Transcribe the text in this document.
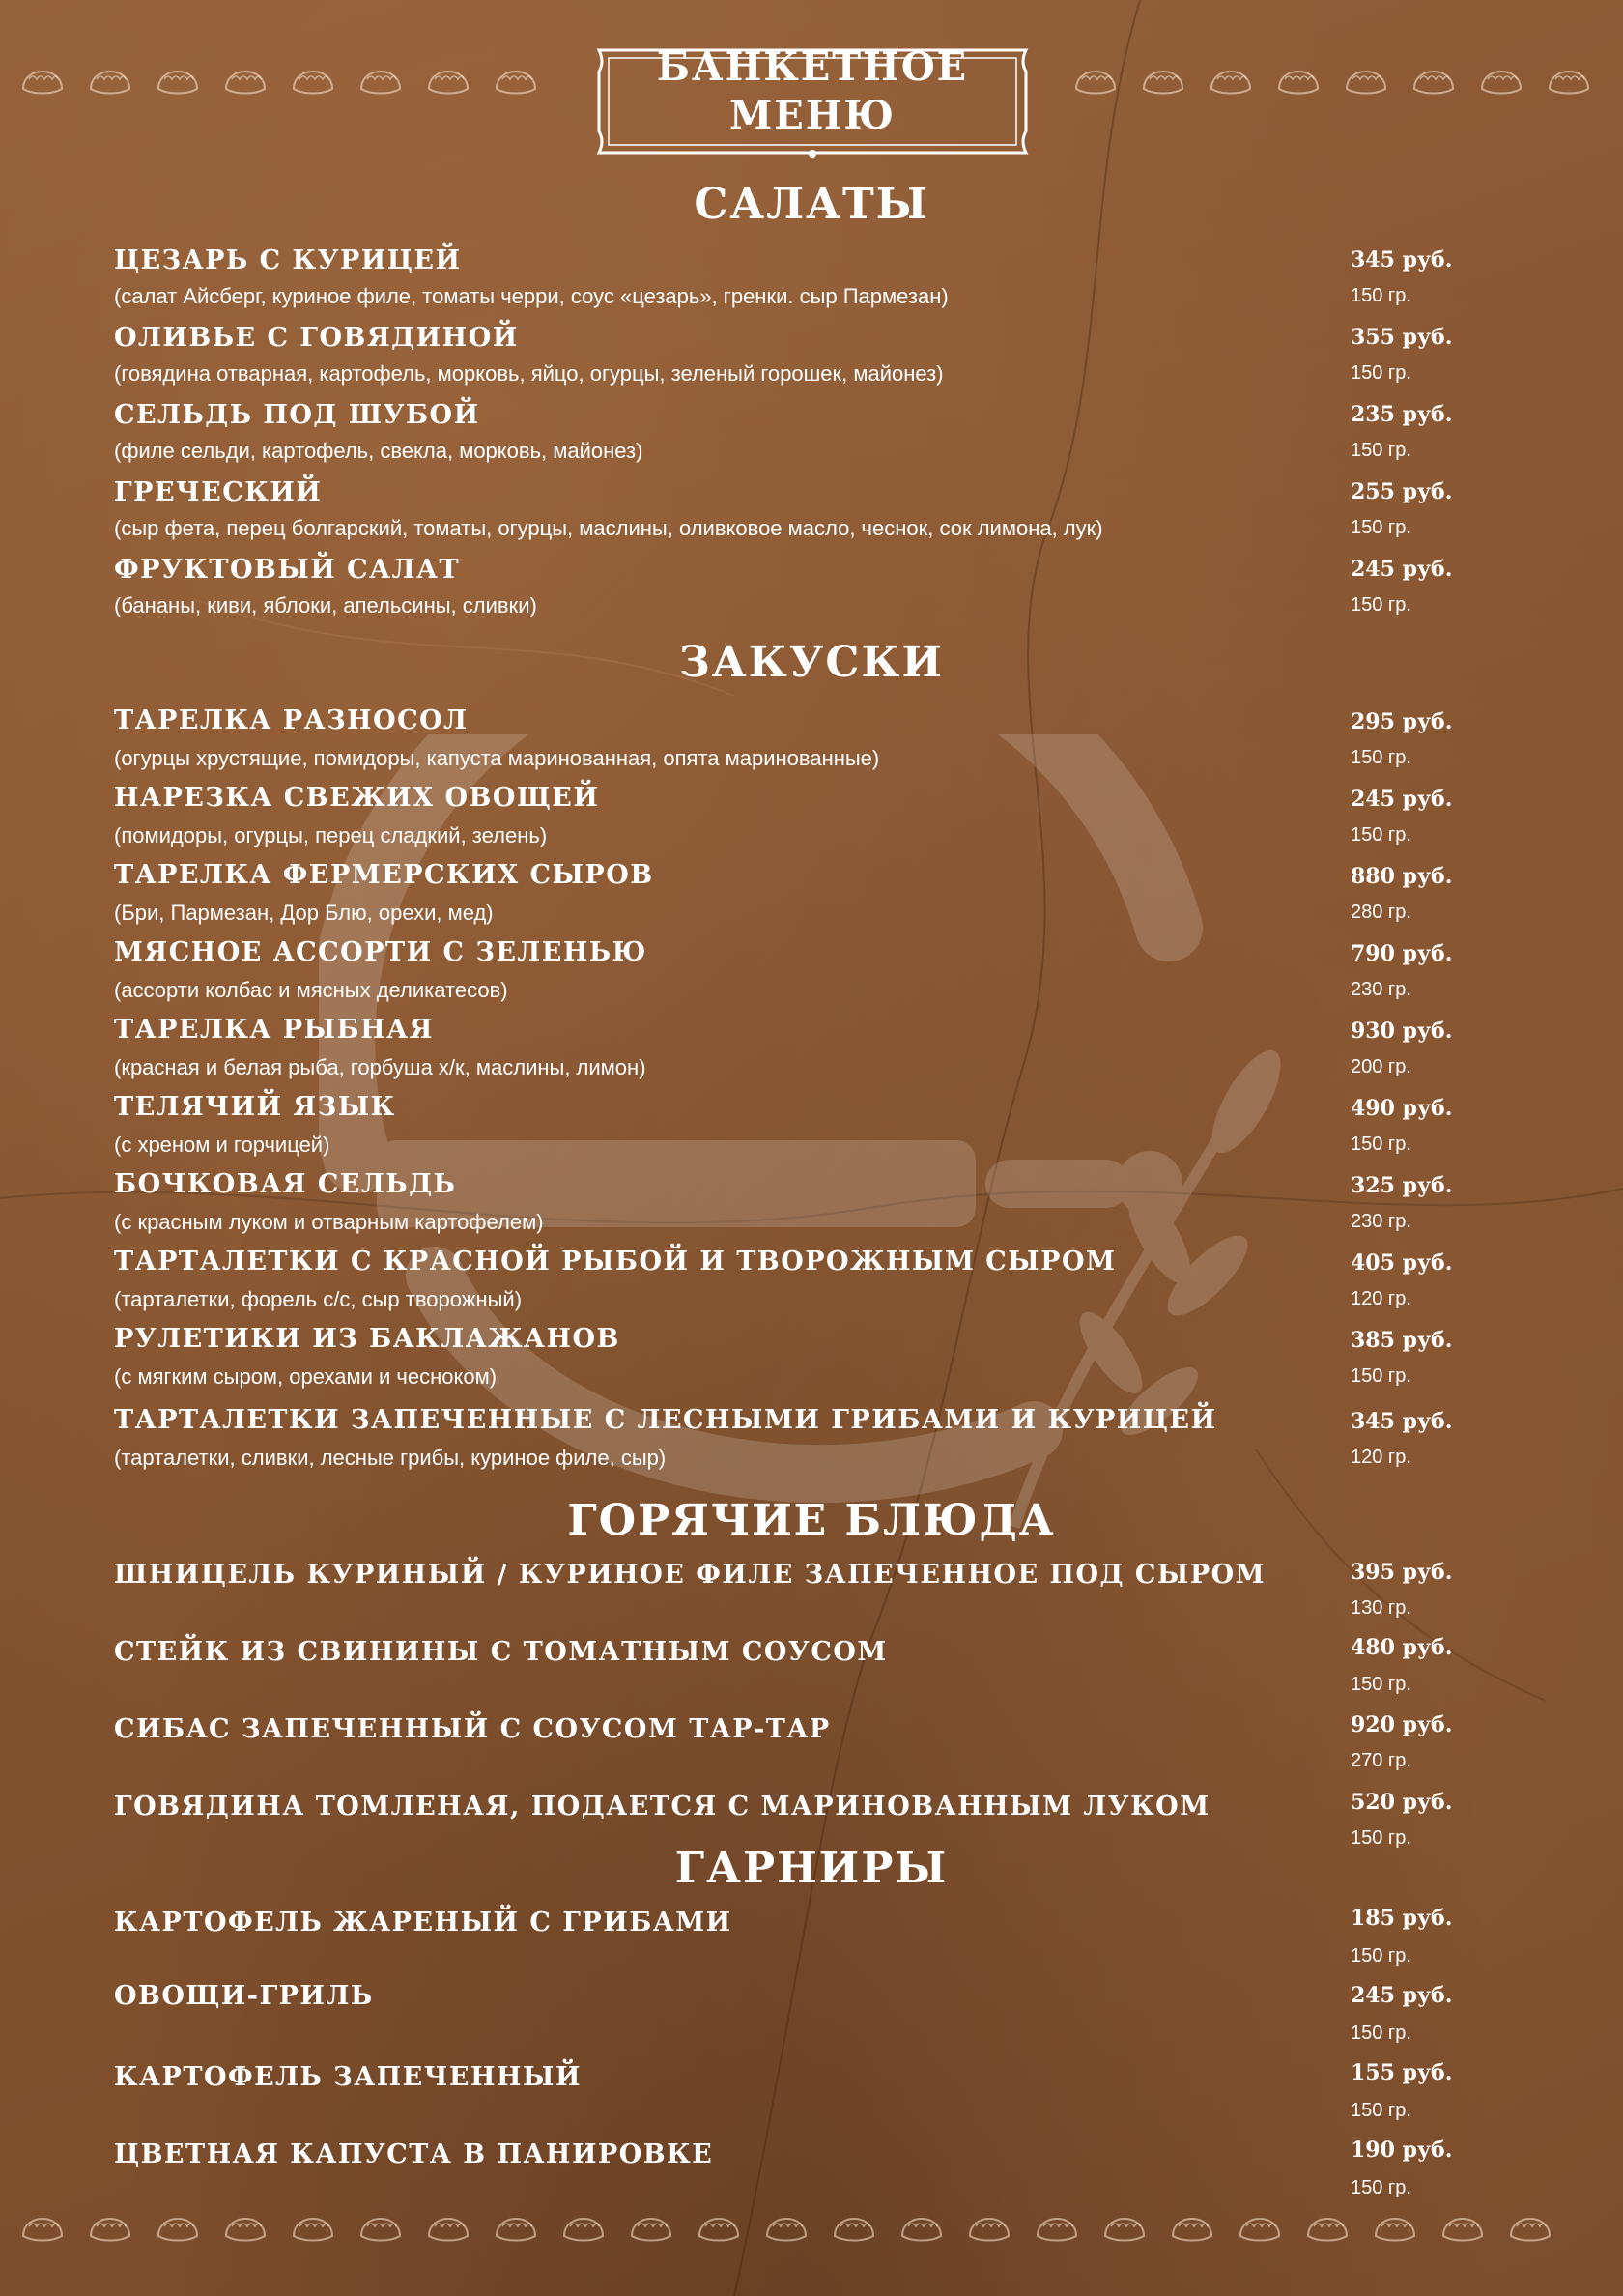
БАНКЕТНОЕ
МЕНЮ
САЛАТЫ
ЦЕЗАРЬ С КУРИЦЕЙ
(салат Айсберг, куриное филе, томаты черри, соус «цезарь», гренки. сыр Пармезан)
345 руб.
150 гр.
ОЛИВЬЕ С ГОВЯДИНОЙ
(говядина отварная, картофель, морковь, яйцо, огурцы, зеленый горошек, майонез)
355 руб.
150 гр.
СЕЛЬДЬ ПОД ШУБОЙ
(филе сельди, картофель, свекла, морковь, майонез)
235 руб.
150 гр.
ГРЕЧЕСКИЙ
(сыр фета, перец болгарский, томаты, огурцы, маслины, оливковое масло, чеснок, сок лимона, лук)
255 руб.
150 гр.
ФРУКТОВЫЙ САЛАТ
(бананы, киви, яблоки, апельсины, сливки)
245 руб.
150 гр.
ЗАКУСКИ
ТАРЕЛКА РАЗНОСОЛ
(огурцы хрустящие, помидоры, капуста маринованная, опята маринованные)
295 руб.
150 гр.
НАРЕЗКА СВЕЖИХ ОВОЩЕЙ
(помидоры, огурцы, перец сладкий, зелень)
245 руб.
150 гр.
ТАРЕЛКА ФЕРМЕРСКИХ СЫРОВ
(Бри, Пармезан, Дор Блю, орехи, мед)
880 руб.
280 гр.
МЯСНОЕ АССОРТИ С ЗЕЛЕНЬЮ
(ассорти колбас и мясных деликатесов)
790 руб.
230 гр.
ТАРЕЛКА РЫБНАЯ
(красная и белая рыба, горбуша х/к, маслины, лимон)
930 руб.
200 гр.
ТЕЛЯЧИЙ ЯЗЫК
(с хреном и горчицей)
490 руб.
150 гр.
БОЧКОВАЯ СЕЛЬДЬ
(с красным луком и отварным картофелем)
325 руб.
230 гр.
ТАРТАЛЕТКИ С КРАСНОЙ РЫБОЙ И ТВОРОЖНЫМ СЫРОМ
(тарталетки, форель с/с, сыр творожный)
405 руб.
120 гр.
РУЛЕТИКИ ИЗ БАКЛАЖАНОВ
(с мягким сыром, орехами и чесноком)
385 руб.
150 гр.
ТАРТАЛЕТКИ ЗАПЕЧЕННЫЕ С ЛЕСНЫМИ ГРИБАМИ И КУРИЦЕЙ
(тарталетки, сливки, лесные грибы, куриное филе, сыр)
345 руб.
120 гр.
ГОРЯЧИЕ БЛЮДА
ШНИЦЕЛЬ КУРИНЫЙ / КУРИНОЕ ФИЛЕ ЗАПЕЧЕННОЕ ПОД СЫРОМ	395 руб.
130 гр.
СТЕЙК ИЗ СВИНИНЫ С ТОМАТНЫМ СОУСОМ	480 руб.
150 гр.
СИБАС ЗАПЕЧЕННЫЙ С СОУСОМ ТАР-ТАР	920 руб.
270 гр.
ГОВЯДИНА ТОМЛЕНАЯ, ПОДАЕТСЯ С МАРИНОВАННЫМ ЛУКОМ	520 руб.
150 гр.
ГАРНИРЫ
КАРТОФЕЛЬ ЖАРЕНЫЙ С ГРИБАМИ	185 руб.
150 гр.
ОВОЩИ-ГРИЛЬ	245 руб.
150 гр.
КАРТОФЕЛЬ ЗАПЕЧЕННЫЙ	155 руб.
150 гр.
ЦВЕТНАЯ КАПУСТА В ПАНИРОВКЕ	190 руб.
150 гр.
